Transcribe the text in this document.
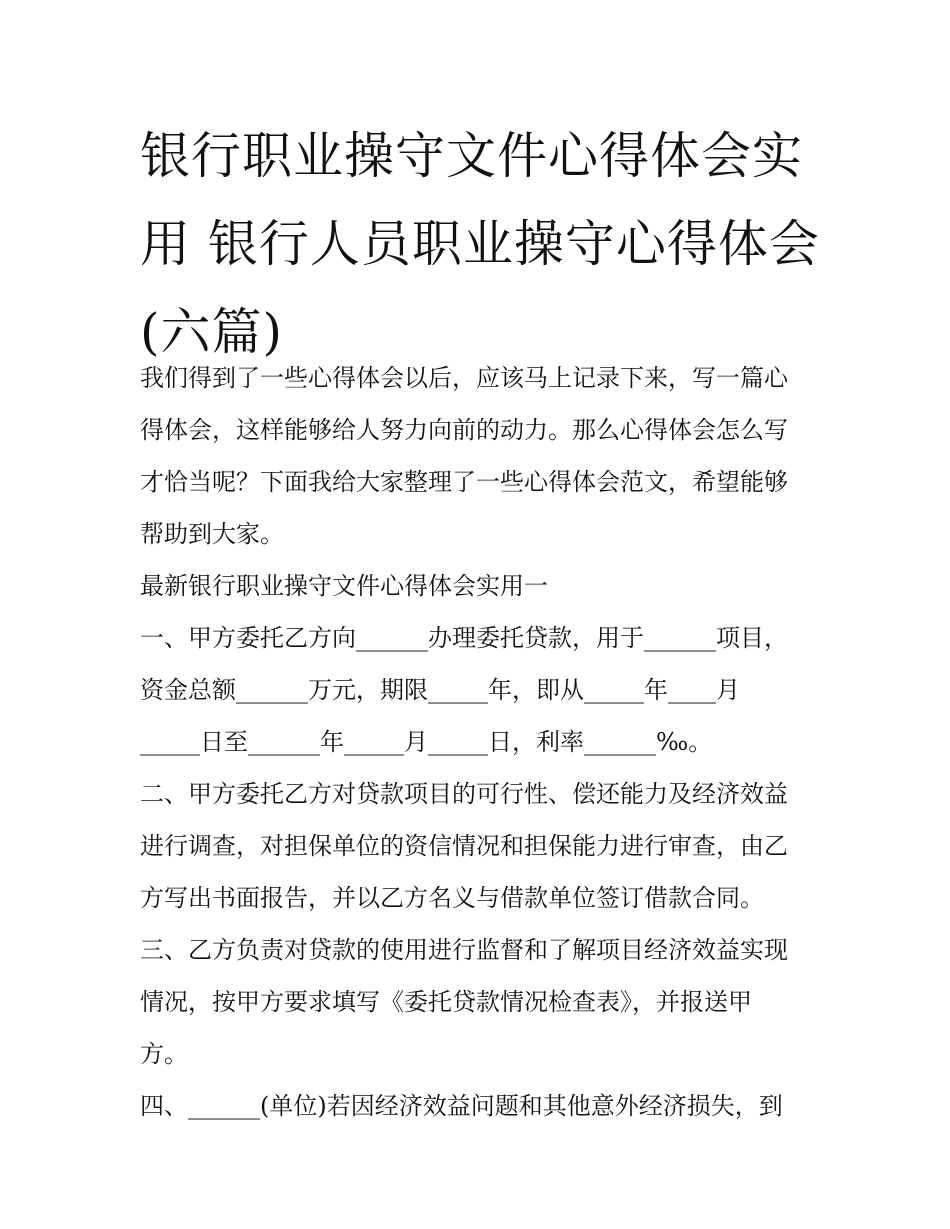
银行职业操守文件心得体会实
用 银行人员职业操守心得体会
(六篇)

我们得到了一些心得体会以后，应该马上记录下来，写一篇心
得体会，这样能够给人努力向前的动力。那么心得体会怎么写
才恰当呢？下面我给大家整理了一些心得体会范文，希望能够
帮助到大家。

最新银行职业操守文件心得体会实用一

一、甲方委托乙方向______办理委托贷款，用于______项目，
资金总额______万元，期限_____年，即从_____年____月
_____日至______年_____月_____日，利率______‰。

二、甲方委托乙方对贷款项目的可行性、偿还能力及经济效益
进行调查，对担保单位的资信情况和担保能力进行审查，由乙
方写出书面报告，并以乙方名义与借款单位签订借款合同。

三、乙方负责对贷款的使用进行监督和了解项目经济效益实现
情况，按甲方要求填写《委托贷款情况检查表》，并报送甲
方。

四、______(单位)若因经济效益问题和其他意外经济损失，到
